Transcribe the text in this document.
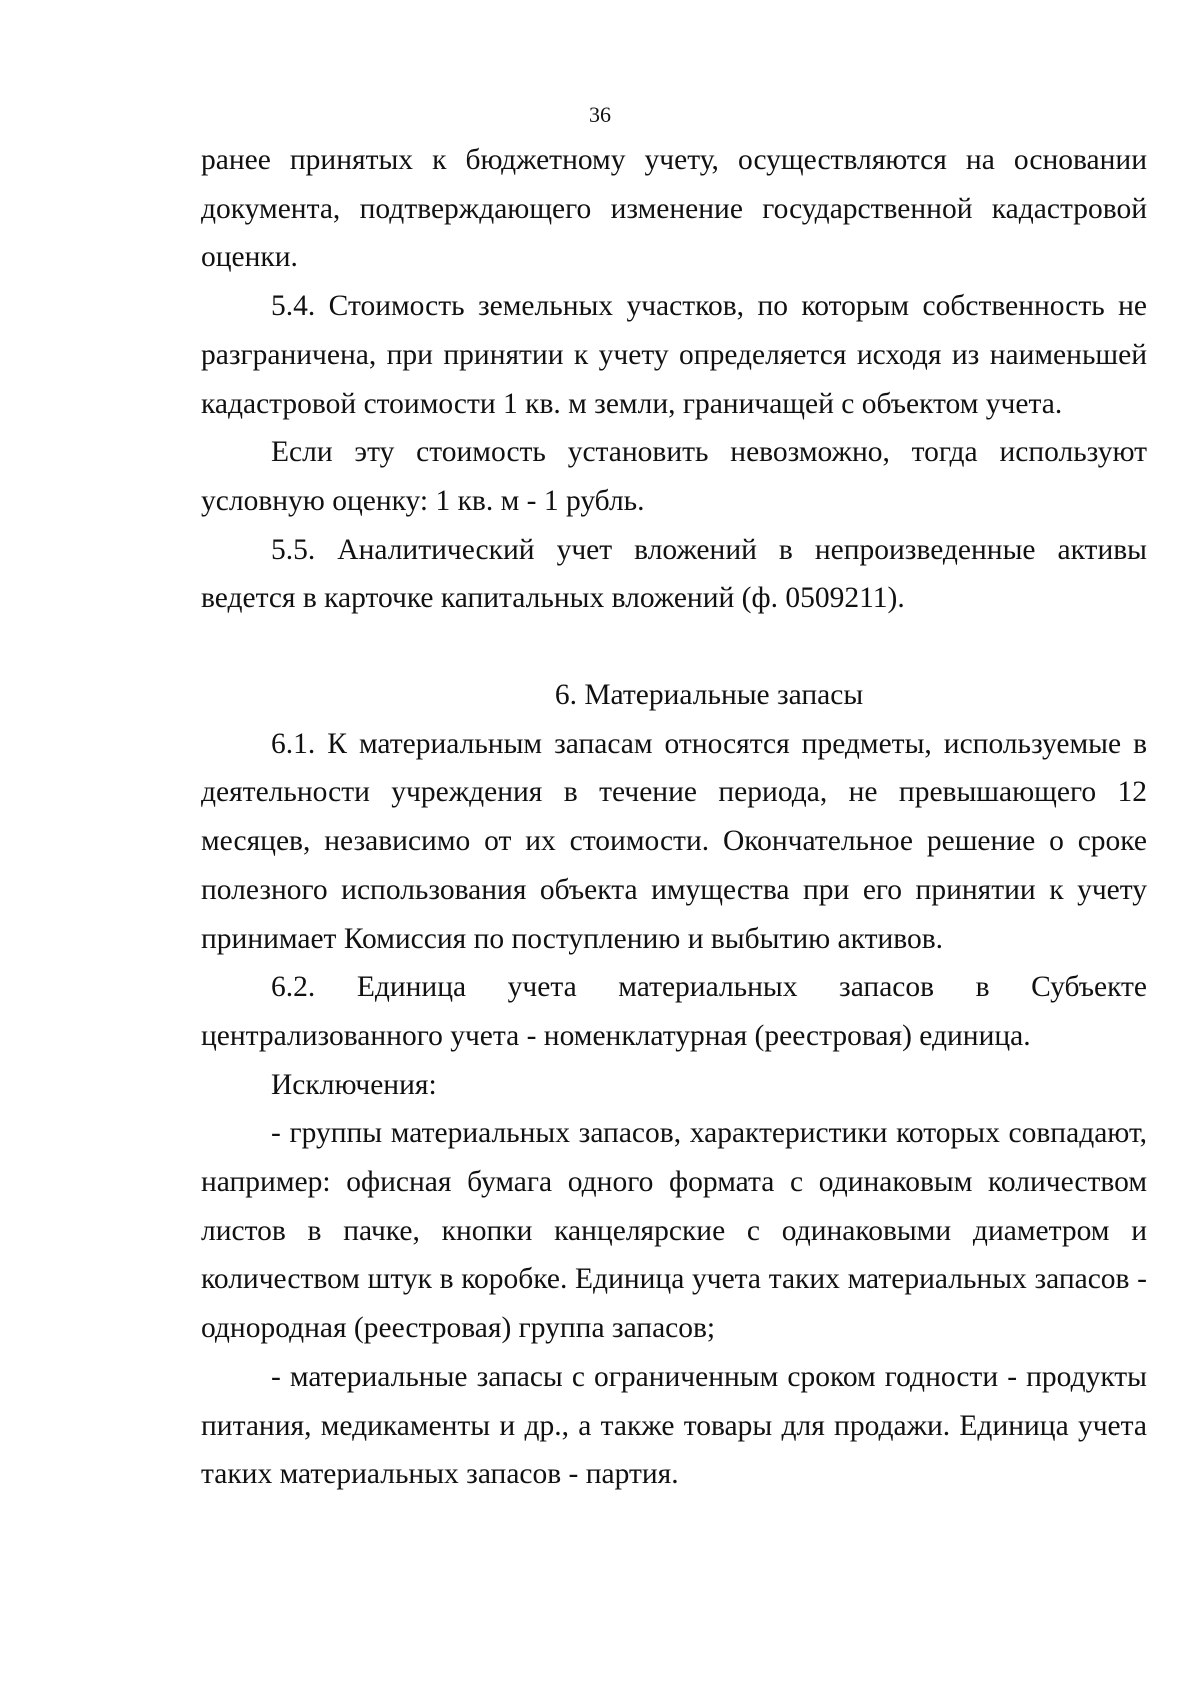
36

ранее принятых к бюджетному учету, осуществляются на основании документа, подтверждающего изменение государственной кадастровой оценки.

5.4. Стоимость земельных участков, по которым собственность не разграничена, при принятии к учету определяется исходя из наименьшей кадастровой стоимости 1 кв. м земли, граничащей с объектом учета.

Если эту стоимость установить невозможно, тогда используют условную оценку: 1 кв. м - 1 рубль.

5.5. Аналитический учет вложений в непроизведенные активы ведется в карточке капитальных вложений (ф. 0509211).

6. Материальные запасы

6.1. К материальным запасам относятся предметы, используемые в деятельности учреждения в течение периода, не превышающего 12 месяцев, независимо от их стоимости. Окончательное решение о сроке полезного использования объекта имущества при его принятии к учету принимает Комиссия по поступлению и выбытию активов.

6.2. Единица учета материальных запасов в Субъекте централизованного учета - номенклатурная (реестровая) единица.

Исключения:

- группы материальных запасов, характеристики которых совпадают, например: офисная бумага одного формата с одинаковым количеством листов в пачке, кнопки канцелярские с одинаковыми диаметром и количеством штук в коробке. Единица учета таких материальных запасов - однородная (реестровая) группа запасов;

- материальные запасы с ограниченным сроком годности - продукты питания, медикаменты и др., а также товары для продажи. Единица учета таких материальных запасов - партия.
